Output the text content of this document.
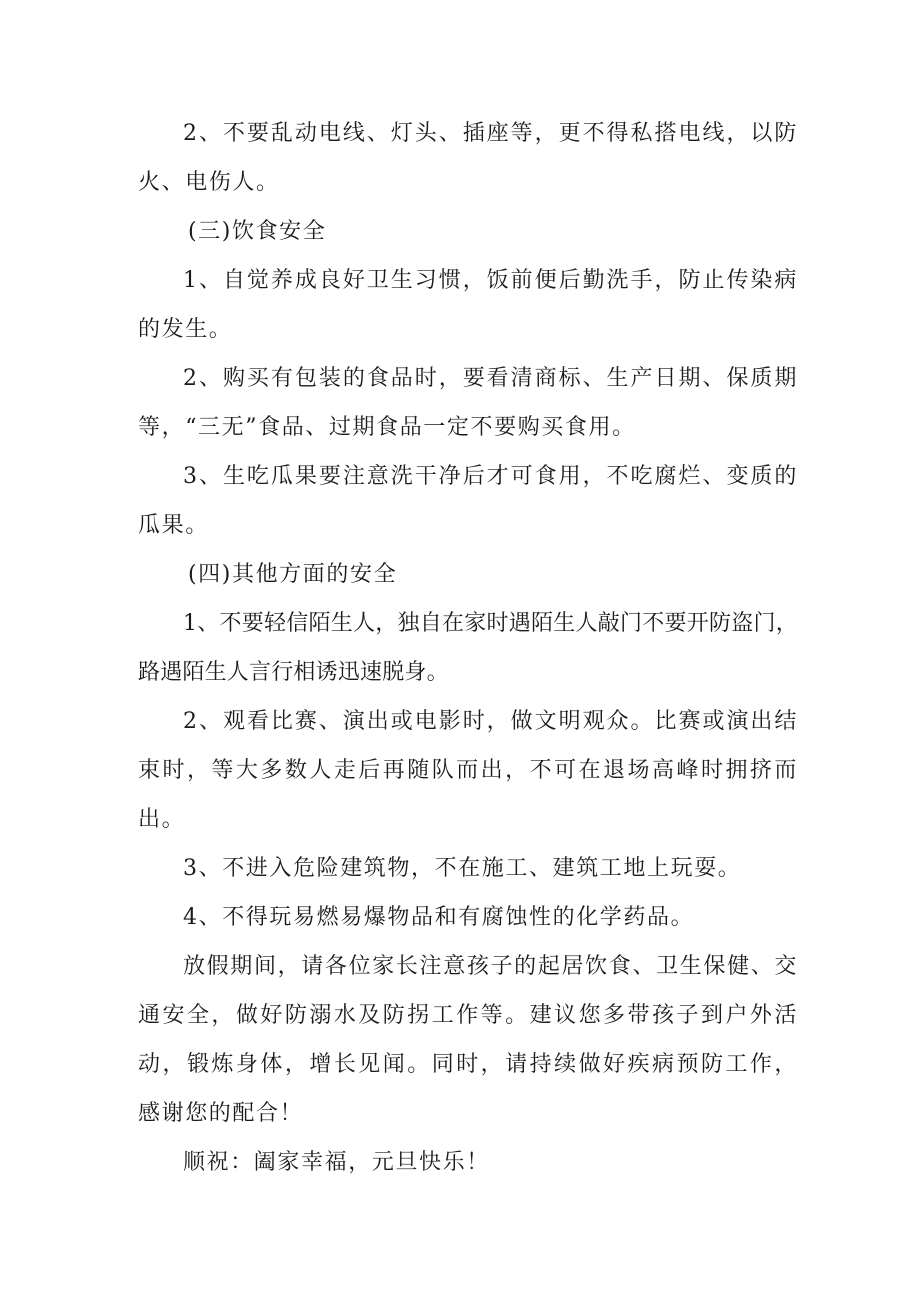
2、不要乱动电线、灯头、插座等，更不得私搭电线，以防火、电伤人。

(三)饮食安全

1、自觉养成良好卫生习惯，饭前便后勤洗手，防止传染病的发生。

2、购买有包装的食品时，要看清商标、生产日期、保质期等，“三无”食品、过期食品一定不要购买食用。

3、生吃瓜果要注意洗干净后才可食用，不吃腐烂、变质的瓜果。

(四)其他方面的安全

1、不要轻信陌生人，独自在家时遇陌生人敲门不要开防盗门，路遇陌生人言行相诱迅速脱身。

2、观看比赛、演出或电影时，做文明观众。比赛或演出结束时，等大多数人走后再随队而出，不可在退场高峰时拥挤而出。

3、不进入危险建筑物，不在施工、建筑工地上玩耍。

4、不得玩易燃易爆物品和有腐蚀性的化学药品。

放假期间，请各位家长注意孩子的起居饮食、卫生保健、交通安全，做好防溺水及防拐工作等。建议您多带孩子到户外活动，锻炼身体，增长见闻。同时，请持续做好疾病预防工作，感谢您的配合！

顺祝：阖家幸福，元旦快乐！
